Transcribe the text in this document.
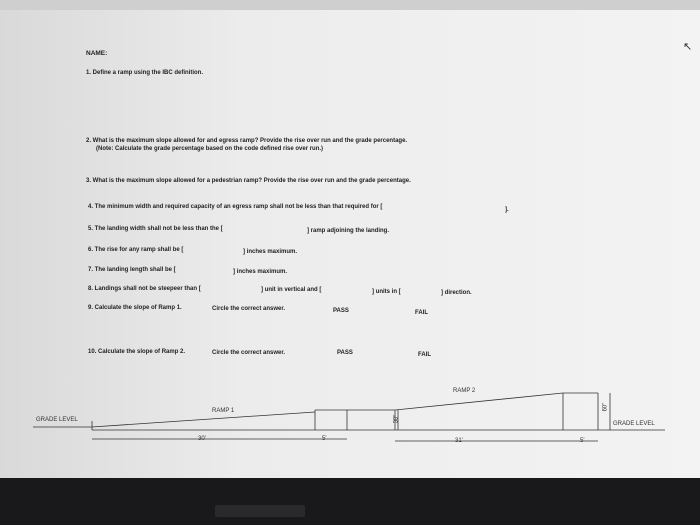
NAME:
1. Define a ramp using the IBC definition.
2. What is the maximum slope allowed for and egress ramp? Provide the rise over run and the grade percentage.
(Note: Calculate the grade percentage based on the code defined rise over run.)
3. What is the maximum slope allowed for a pedestrian ramp? Provide the rise over run and the grade percentage.
4. The minimum width and required capacity of an egress ramp shall not be less than that required for [	].
5. The landing width shall not be less than the [	] ramp adjoining the landing.
6. The rise for any ramp shall be [	] inches maximum.
7. The landing length shall be [	] inches maximum.
8. Landings shall not be steepeer than [	] unit in vertical and [	] units in [	] direction.
9. Calculate the slope of Ramp 1.	Circle the correct answer.	PASS	FAIL
10. Calculate the slope of Ramp 2.	Circle the correct answer.	PASS	FAIL
GRADE LEVEL
GRADE LEVEL
RAMP 1
RAMP 2
30'	5'	31'	5'
30"
60"
↖
